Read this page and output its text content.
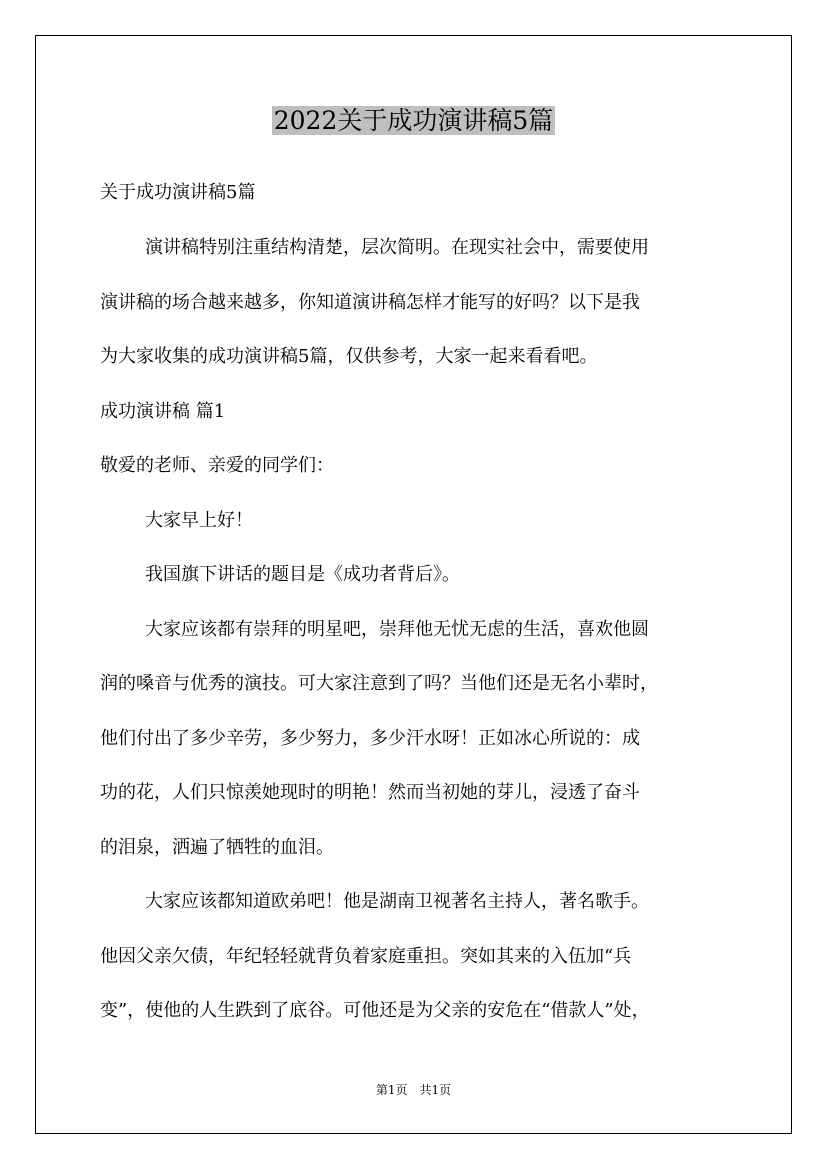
2022关于成功演讲稿5篇
关于成功演讲稿5篇
演讲稿特别注重结构清楚，层次简明。在现实社会中，需要使用
演讲稿的场合越来越多，你知道演讲稿怎样才能写的好吗？以下是我
为大家收集的成功演讲稿5篇，仅供参考，大家一起来看看吧。
成功演讲稿 篇1
敬爱的老师、亲爱的同学们：
大家早上好！
我国旗下讲话的题目是《成功者背后》。
大家应该都有崇拜的明星吧，崇拜他无忧无虑的生活，喜欢他圆
润的嗓音与优秀的演技。可大家注意到了吗？当他们还是无名小辈时，
他们付出了多少辛劳，多少努力，多少汗水呀！正如冰心所说的：成
功的花，人们只惊羡她现时的明艳！然而当初她的芽儿，浸透了奋斗
的泪泉，洒遍了牺牲的血泪。
大家应该都知道欧弟吧！他是湖南卫视著名主持人，著名歌手。
他因父亲欠债，年纪轻轻就背负着家庭重担。突如其来的入伍加“兵
变”，使他的人生跌到了底谷。可他还是为父亲的安危在“借款人”处，
第1页　共1页
